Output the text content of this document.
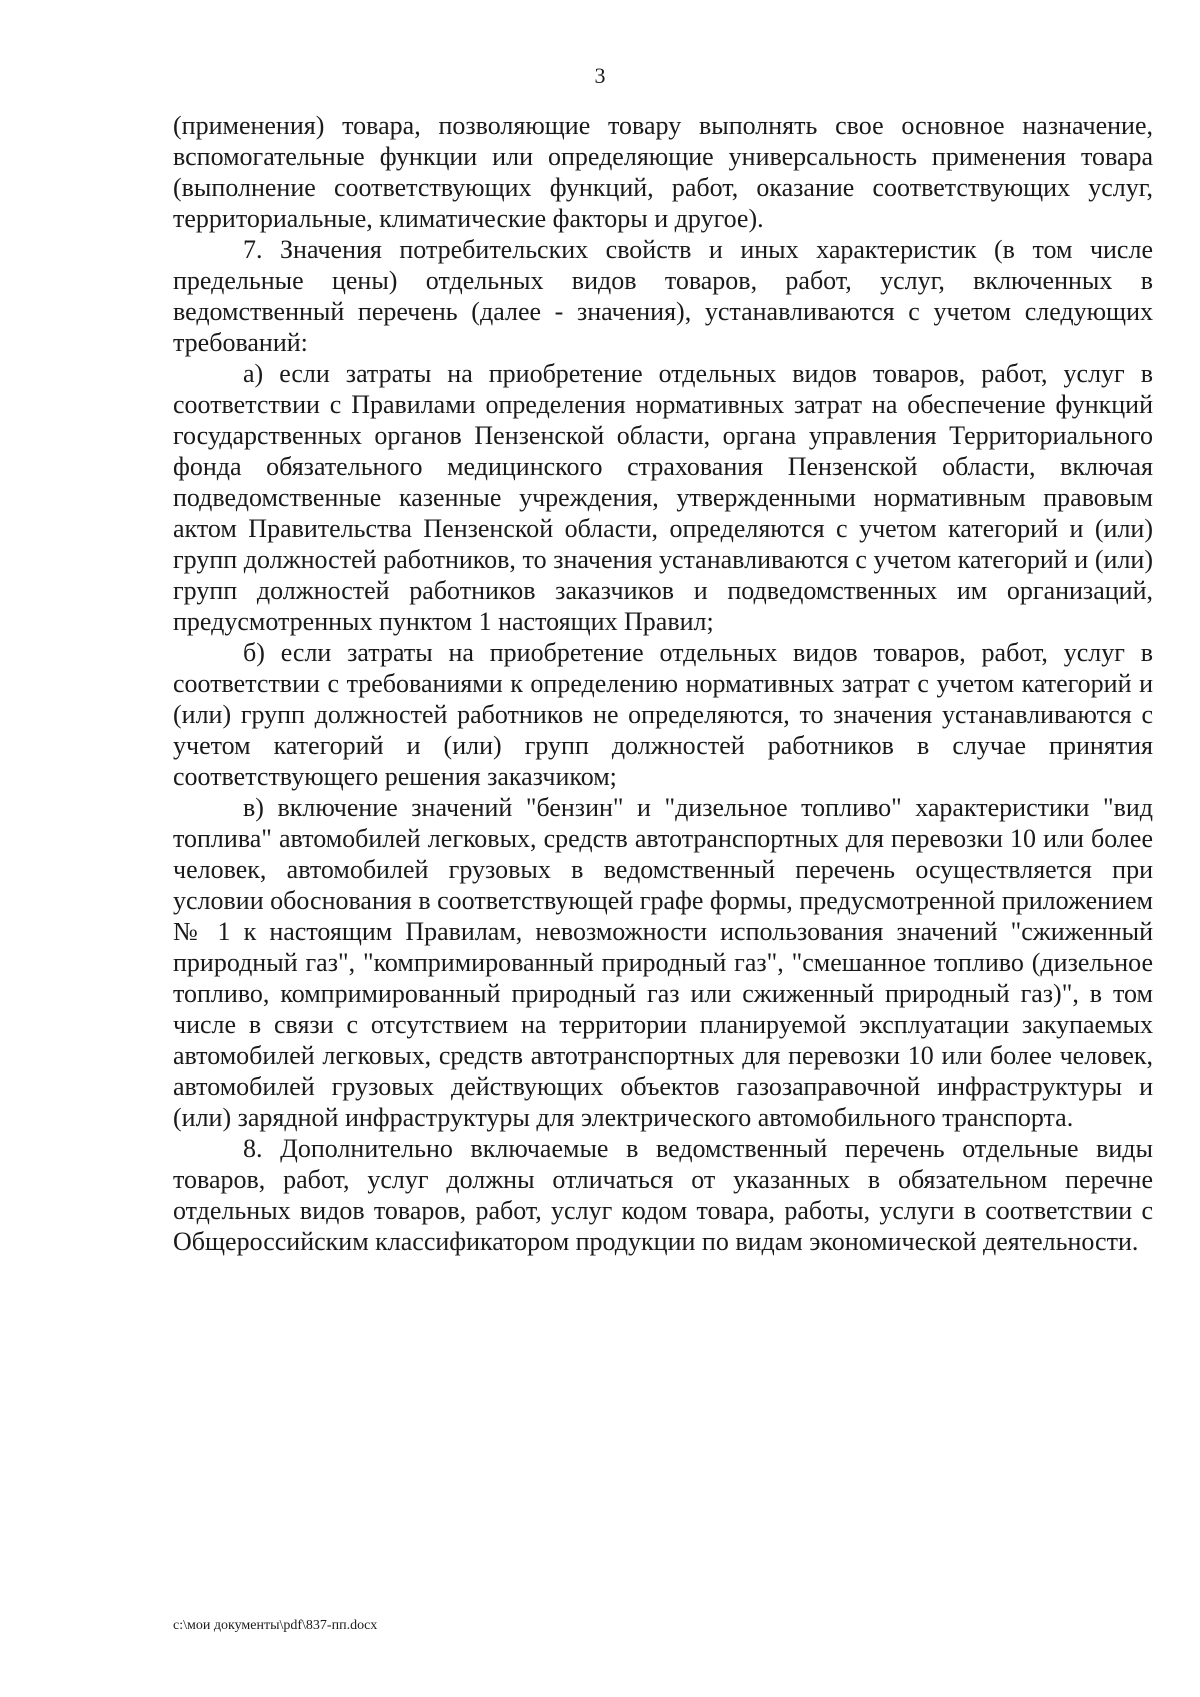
3

(применения) товара, позволяющие товару выполнять свое основное назначение, вспомогательные функции или определяющие универсальность применения товара (выполнение соответствующих функций, работ, оказание соответствующих услуг, территориальные, климатические факторы и другое).

7. Значения потребительских свойств и иных характеристик (в том числе предельные цены) отдельных видов товаров, работ, услуг, включенных в ведомственный перечень (далее - значения), устанавливаются с учетом следующих требований:

а) если затраты на приобретение отдельных видов товаров, работ, услуг в соответствии с Правилами определения нормативных затрат на обеспечение функций государственных органов Пензенской области, органа управления Территориального фонда обязательного медицинского страхования Пензенской области, включая подведомственные казенные учреждения, утвержденными нормативным правовым актом Правительства Пензенской области, определяются с учетом категорий и (или) групп должностей работников, то значения устанавливаются с учетом категорий и (или) групп должностей работников заказчиков и подведомственных им организаций, предусмотренных пунктом 1 настоящих Правил;

б) если затраты на приобретение отдельных видов товаров, работ, услуг в соответствии с требованиями к определению нормативных затрат с учетом категорий и (или) групп должностей работников не определяются, то значения устанавливаются с учетом категорий и (или) групп должностей работников в случае принятия соответствующего решения заказчиком;

в) включение значений "бензин" и "дизельное топливо" характеристики "вид топлива" автомобилей легковых, средств автотранспортных для перевозки 10 или более человек, автомобилей грузовых в ведомственный перечень осуществляется при условии обоснования в соответствующей графе формы, предусмотренной приложением № 1 к настоящим Правилам, невозможности использования значений "сжиженный природный газ", "компримированный природный газ", "смешанное топливо (дизельное топливо, компримированный природный газ или сжиженный природный газ)", в том числе в связи с отсутствием на территории планируемой эксплуатации закупаемых автомобилей легковых, средств автотранспортных для перевозки 10 или более человек, автомобилей грузовых действующих объектов газозаправочной инфраструктуры и (или) зарядной инфраструктуры для электрического автомобильного транспорта.

8. Дополнительно включаемые в ведомственный перечень отдельные виды товаров, работ, услуг должны отличаться от указанных в обязательном перечне отдельных видов товаров, работ, услуг кодом товара, работы, услуги в соответствии с Общероссийским классификатором продукции по видам экономической деятельности.

c:\мои документы\pdf\837-пп.docx
